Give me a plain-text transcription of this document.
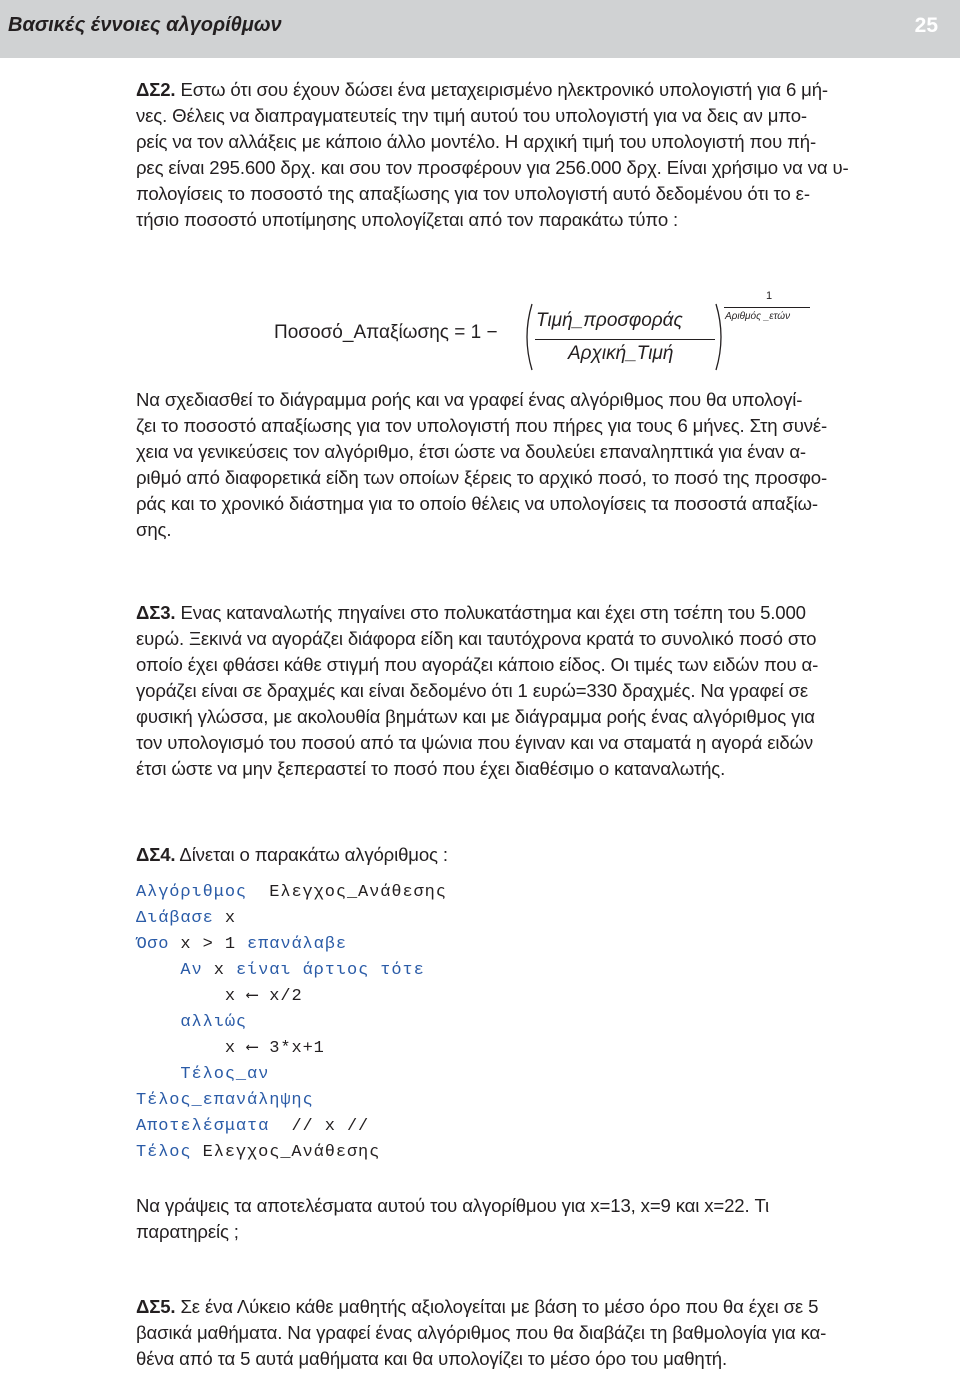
Βασικές έννοιες αλγορίθμων	25
ΔΣ2. Εστω ότι σου έχουν δώσει ένα μεταχειρισμένο ηλεκτρονικό υπολογιστή για 6 μή-
νες. Θέλεις να διαπραγματευτείς την τιμή αυτού του υπολογιστή για να δεις αν μπο-
ρείς να τον αλλάξεις με κάποιο άλλο μοντέλο. Η αρχική τιμή του υπολογιστή που πή-
ρες είναι 295.600 δρχ. και σου τον προσφέρουν για 256.000 δρχ. Είναι χρήσιμο να να υ-
πολογίσεις το ποσοστό της απαξίωσης για τον υπολογιστή αυτό δεδομένου ότι το ε-
τήσιο ποσοστό υποτίμησης υπολογίζεται από τον παρακάτω τύπο :
Ποσοσό_Απαξίωσης = 1 −
Τιμή_προσφοράς
Αρχική_Τιμή
1
Αριθμός _ετών
Να σχεδιασθεί το διάγραμμα ροής και να γραφεί ένας αλγόριθμος που θα υπολογί-
ζει το ποσοστό απαξίωσης για τον υπολογιστή που πήρες για τους 6 μήνες. Στη συνέ-
χεια να γενικεύσεις τον αλγόριθμο, έτσι ώστε να δουλεύει επαναληπτικά για έναν α-
ριθμό από διαφορετικά είδη των οποίων ξέρεις το αρχικό ποσό, το ποσό της προσφο-
ράς και το χρονικό διάστημα για το οποίο θέλεις να υπολογίσεις τα ποσοστά απαξίω-
σης.
ΔΣ3. Ενας καταναλωτής πηγαίνει στο πολυκατάστημα και έχει στη τσέπη του 5.000
ευρώ. Ξεκινά να αγοράζει διάφορα είδη και ταυτόχρονα κρατά το συνολικό ποσό στο
οποίο έχει φθάσει κάθε στιγμή που αγοράζει κάποιο είδος. Οι τιμές των ειδών που α-
γοράζει είναι σε δραχμές και είναι δεδομένο ότι 1 ευρώ=330 δραχμές. Να γραφεί σε
φυσική γλώσσα, με ακολουθία βημάτων και με διάγραμμα ροής ένας αλγόριθμος για
τον υπολογισμό του ποσού από τα ψώνια που έγιναν και να σταματά η αγορά ειδών
έτσι ώστε να μην ξεπεραστεί το ποσό που έχει διαθέσιμο ο καταναλωτής.
ΔΣ4. Δίνεται ο παρακάτω αλγόριθμος :
Αλγόριθμος  Ελεγχος_Ανάθεσης
Διάβασε x
Όσο x > 1 επανάλαβε
Αν x είναι άρτιος τότε
x ⟵ x/2
αλλιώς
x ⟵ 3*x+1
Τέλος_αν
Τέλος_επανάληψης
Αποτελέσματα  // x //
Τέλος Ελεγχος_Ανάθεσης
Να γράψεις τα αποτελέσματα αυτού του αλγορίθμου για x=13, x=9 και x=22. Τι
παρατηρείς ;
ΔΣ5. Σε ένα Λύκειο κάθε μαθητής αξιολογείται με βάση το μέσο όρο που θα έχει σε 5
βασικά μαθήματα. Να γραφεί ένας αλγόριθμος που θα διαβάζει τη βαθμολογία για κα-
θένα από τα 5 αυτά μαθήματα και θα υπολογίζει το μέσο όρο του μαθητή.
